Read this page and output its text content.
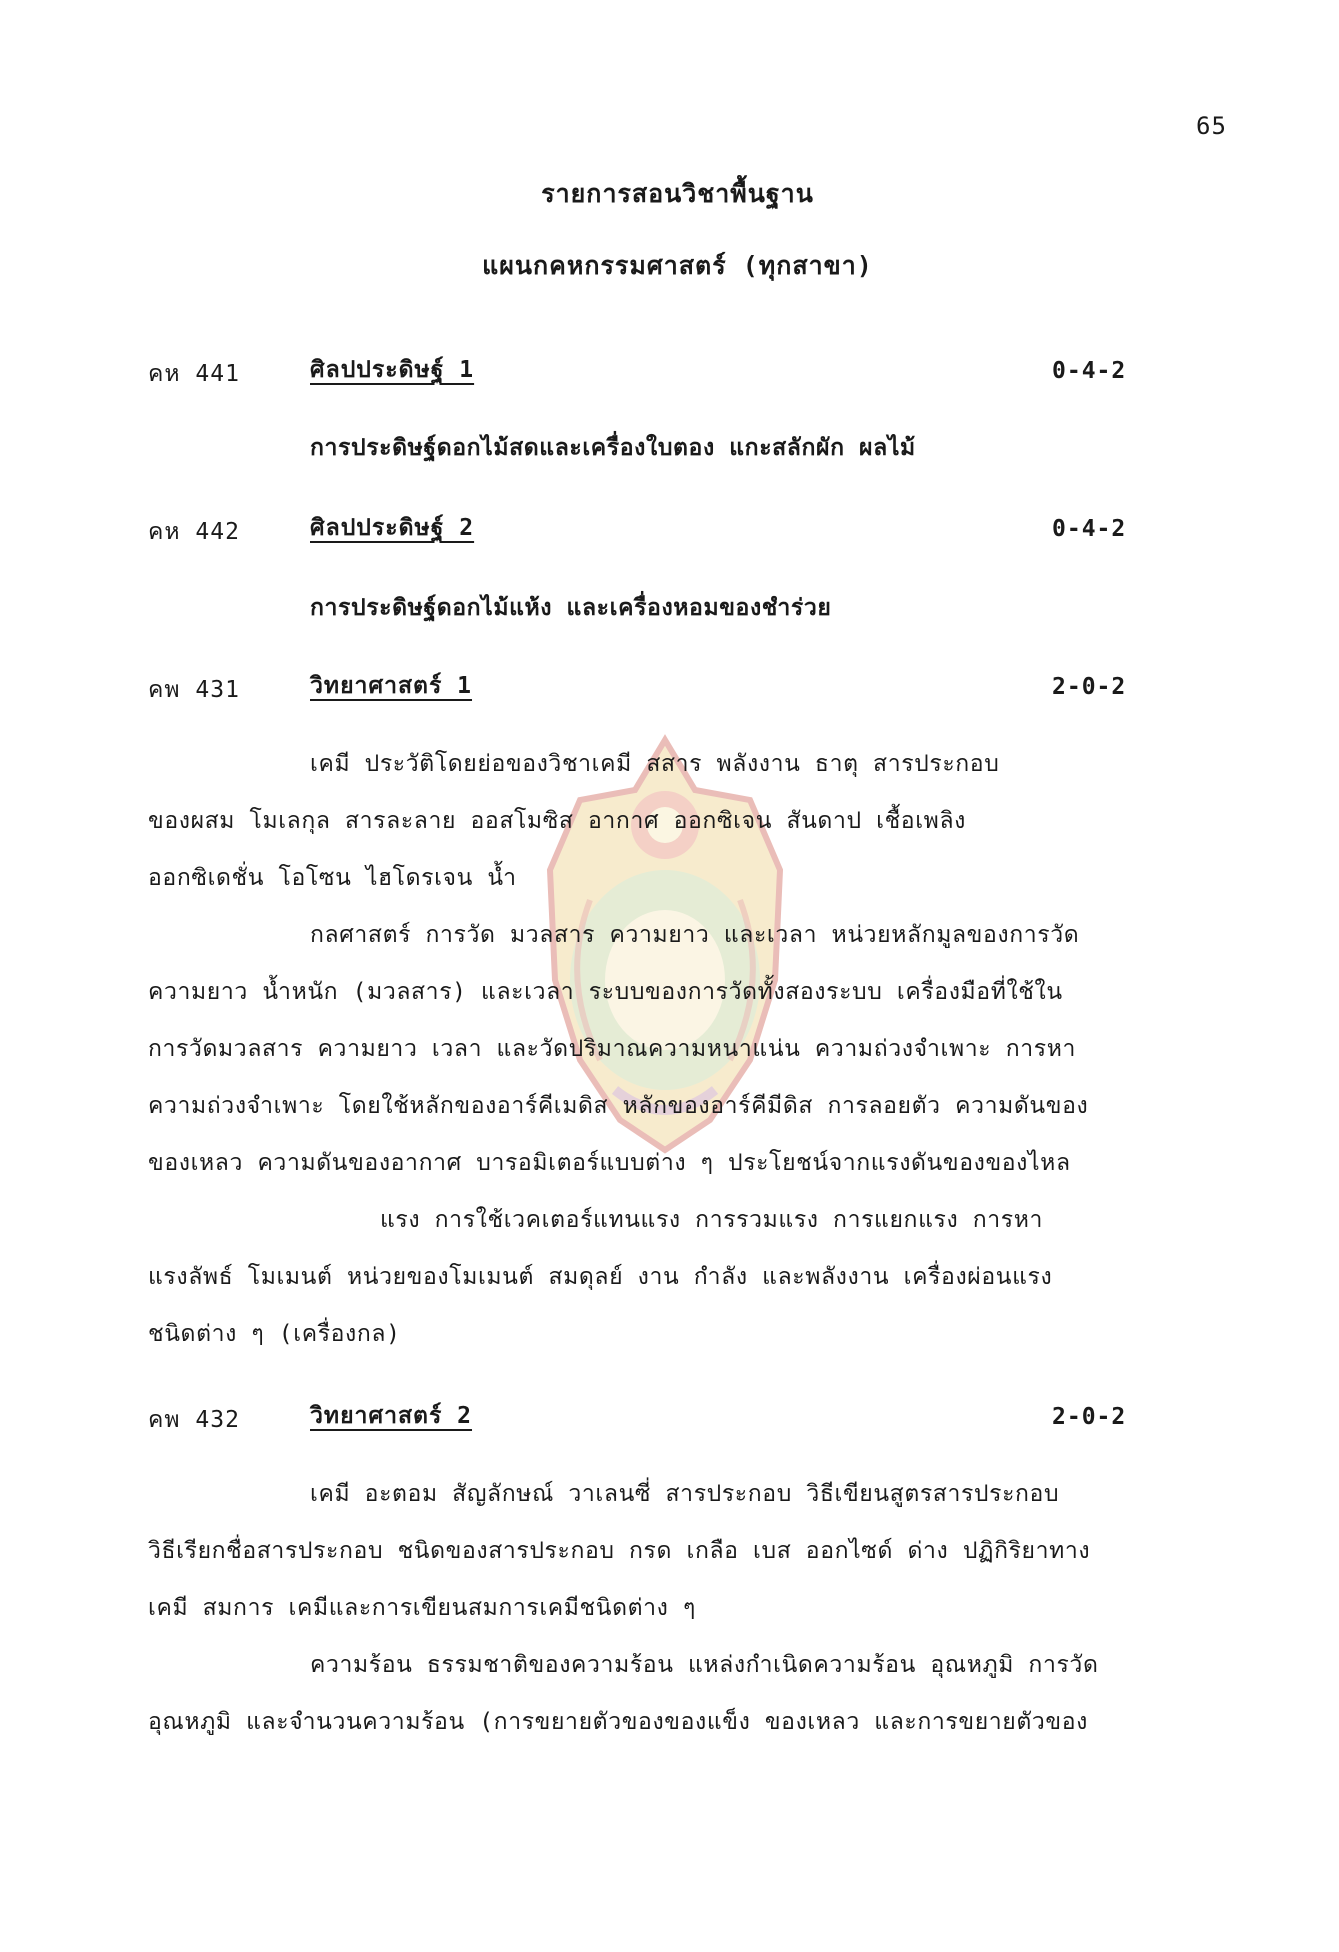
65
รายการสอนวิชาพื้นฐาน
แผนกคหกรรมศาสตร์ (ทุกสาขา)
คห 441	ศิลปประดิษฐ์ 1	0-4-2
การประดิษฐ์ดอกไม้สดและเครื่องใบตอง แกะสลักผัก ผลไม้
คห 442	ศิลปประดิษฐ์ 2	0-4-2
การประดิษฐ์ดอกไม้แห้ง และเครื่องหอมของชำร่วย
คพ 431	วิทยาศาสตร์ 1	2-0-2
เคมี ประวัติโดยย่อของวิชาเคมี สสาร พลังงาน ธาตุ สารประกอบ
ของผสม โมเลกุล สารละลาย ออสโมซิส อากาศ ออกซิเจน สันดาป เชื้อเพลิง
ออกซิเดชั่น โอโซน ไฮโดรเจน น้ำ
กลศาสตร์ การวัด มวลสาร ความยาว และเวลา หน่วยหลักมูลของการวัด
ความยาว น้ำหนัก (มวลสาร) และเวลา ระบบของการวัดทั้งสองระบบ เครื่องมือที่ใช้ใน
การวัดมวลสาร ความยาว เวลา และวัดปริมาณความหนาแน่น ความถ่วงจำเพาะ การหา
ความถ่วงจำเพาะ โดยใช้หลักของอาร์คีเมดิส หลักของอาร์คีมีดิส การลอยตัว ความดันของ
ของเหลว ความดันของอากาศ บารอมิเตอร์แบบต่าง ๆ ประโยชน์จากแรงดันของของไหล
แรง การใช้เวคเตอร์แทนแรง การรวมแรง การแยกแรง การหา
แรงลัพธ์ โมเมนต์ หน่วยของโมเมนต์ สมดุลย์ งาน กำลัง และพลังงาน เครื่องผ่อนแรง
ชนิดต่าง ๆ (เครื่องกล)
คพ 432	วิทยาศาสตร์ 2	2-0-2
เคมี อะตอม สัญลักษณ์ วาเลนซี่ สารประกอบ วิธีเขียนสูตรสารประกอบ
วิธีเรียกชื่อสารประกอบ ชนิดของสารประกอบ กรด เกลือ เบส ออกไซด์ ด่าง ปฏิกิริยาทาง
เคมี สมการ เคมีและการเขียนสมการเคมีชนิดต่าง ๆ
ความร้อน ธรรมชาติของความร้อน แหล่งกำเนิดความร้อน อุณหภูมิ การวัด
อุณหภูมิ และจำนวนความร้อน (การขยายตัวของของแข็ง ของเหลว และการขยายตัวของ
